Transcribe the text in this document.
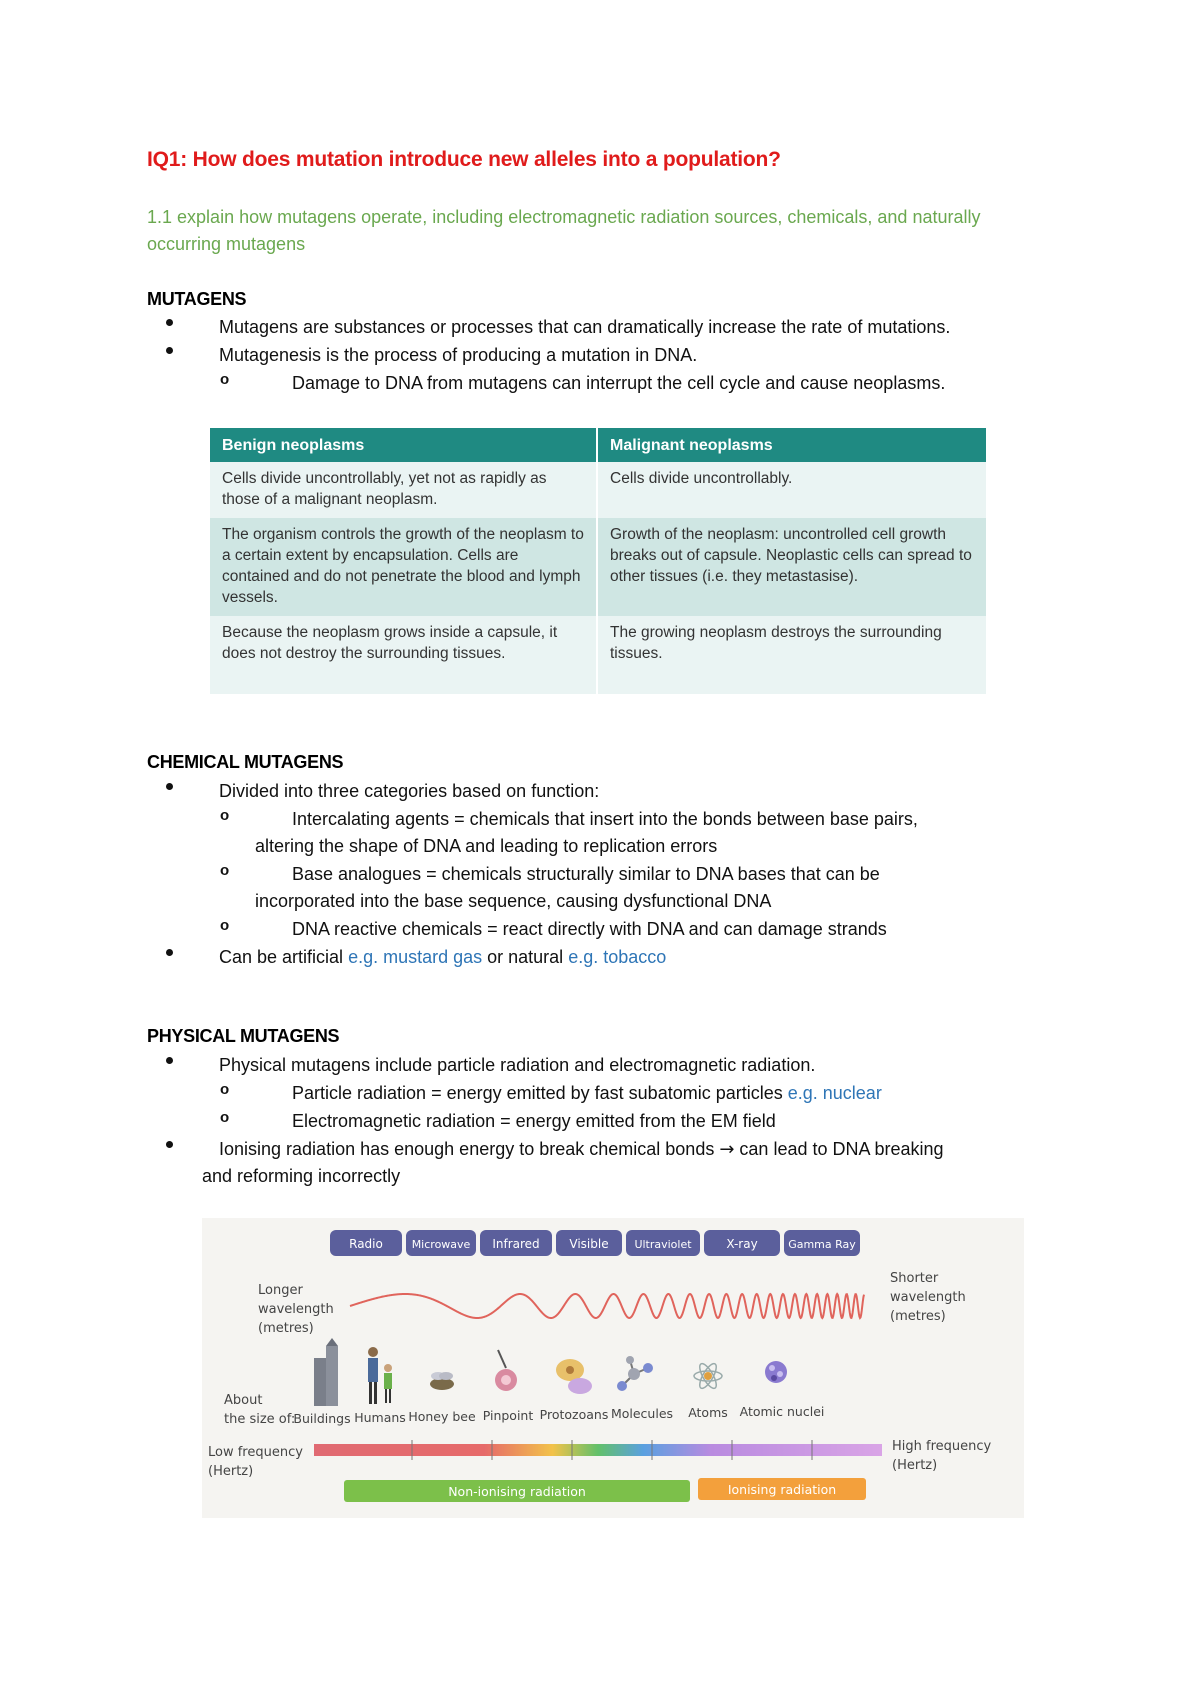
IQ1: How does mutation introduce new alleles into a population?
1.1 explain how mutagens operate, including electromagnetic radiation sources, chemicals, and naturally occurring mutagens
MUTAGENS
Mutagens are substances or processes that can dramatically increase the rate of mutations.
Mutagenesis is the process of producing a mutation in DNA.
o	Damage to DNA from mutagens can interrupt the cell cycle and cause neoplasms.
Benign neoplasms	Malignant neoplasms
Cells divide uncontrollably, yet not as rapidly as those of a malignant neoplasm.	Cells divide uncontrollably.
The organism controls the growth of the neoplasm to a certain extent by encapsulation. Cells are contained and do not penetrate the blood and lymph vessels.	Growth of the neoplasm: uncontrolled cell growth breaks out of capsule. Neoplastic cells can spread to other tissues (i.e. they metastasise).
Because the neoplasm grows inside a capsule, it does not destroy the surrounding tissues.	The growing neoplasm destroys the surrounding tissues.
CHEMICAL MUTAGENS
Divided into three categories based on function:
o	Intercalating agents = chemicals that insert into the bonds between base pairs,
altering the shape of DNA and leading to replication errors
o	Base analogues = chemicals structurally similar to DNA bases that can be
incorporated into the base sequence, causing dysfunctional DNA
o	DNA reactive chemicals = react directly with DNA and can damage strands
Can be artificial e.g. mustard gas or natural e.g. tobacco
PHYSICAL MUTAGENS
Physical mutagens include particle radiation and electromagnetic radiation.
o	Particle radiation = energy emitted by fast subatomic particles e.g. nuclear
o	Electromagnetic radiation = energy emitted from the EM field
Ionising radiation has enough energy to break chemical bonds → can lead to DNA breaking
and reforming incorrectly
Radio	Microwave Infrared Visible Ultraviolet	X-ray	Gamma Ray
Longer
wavelength
(metres)
Shorter
wavelength
(metres)
About
the size of:
Buildings Humans Honey bee Pinpoint Protozoans Molecules Atoms Atomic nuclei
Low frequency
(Hertz)
High frequency
(Hertz)
Non-ionising radiation	Ionising radiation
